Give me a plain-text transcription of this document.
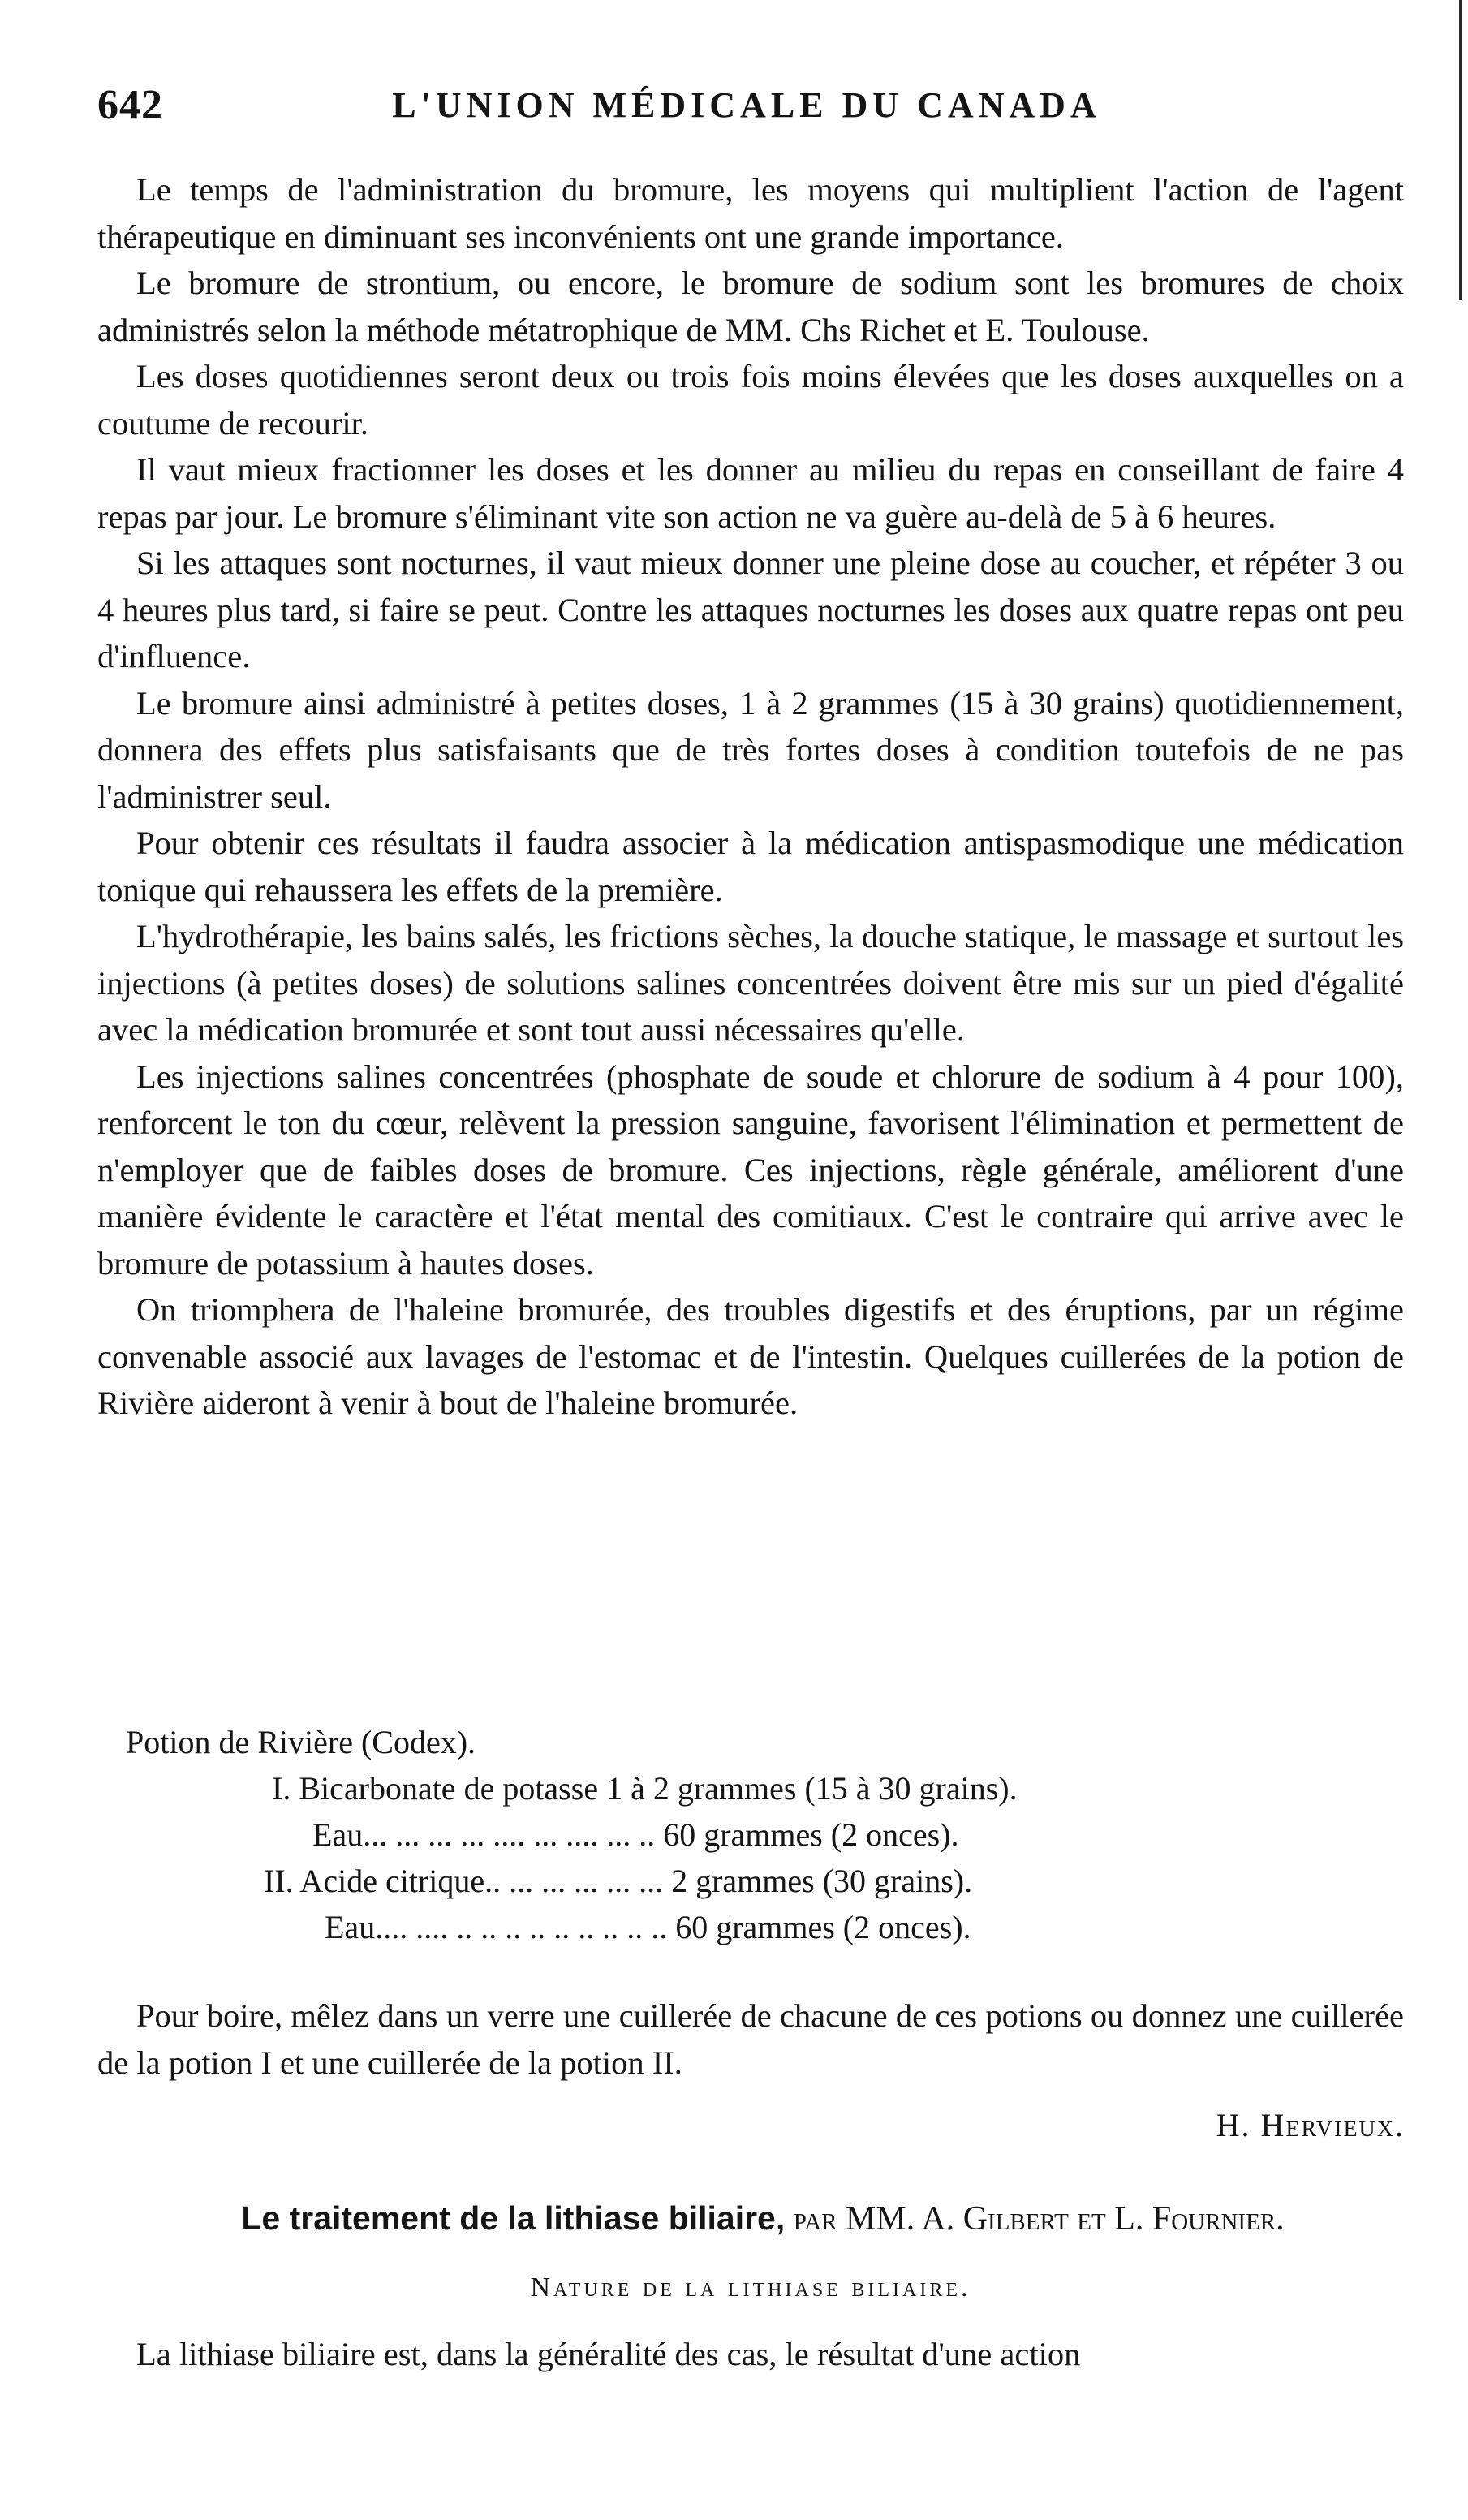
642	L'UNION MÉDICALE DU CANADA

Le temps de l'administration du bromure, les moyens qui multiplient l'action de l'agent thérapeutique en diminuant ses inconvénients ont une grande importance.

Le bromure de strontium, ou encore, le bromure de sodium sont les bromures de choix administrés selon la méthode métatrophique de MM. Chs Richet et E. Toulouse.

Les doses quotidiennes seront deux ou trois fois moins élevées que les doses auxquelles on a coutume de recourir.

Il vaut mieux fractionner les doses et les donner au milieu du repas en conseillant de faire 4 repas par jour. Le bromure s'éliminant vite son action ne va guère au-delà de 5 à 6 heures.

Si les attaques sont nocturnes, il vaut mieux donner une pleine dose au coucher, et répéter 3 ou 4 heures plus tard, si faire se peut. Contre les attaques nocturnes les doses aux quatre repas ont peu d'influence.

Le bromure ainsi administré à petites doses, 1 à 2 grammes (15 à 30 grains) quotidiennement, donnera des effets plus satisfaisants que de très fortes doses à condition toutefois de ne pas l'administrer seul.

Pour obtenir ces résultats il faudra associer à la médication antispasmodique une médication tonique qui rehaussera les effets de la première.

L'hydrothérapie, les bains salés, les frictions sèches, la douche statique, le massage et surtout les injections (à petites doses) de solutions salines concentrées doivent être mis sur un pied d'égalité avec la médication bromurée et sont tout aussi nécessaires qu'elle.

Les injections salines concentrées (phosphate de soude et chlorure de sodium à 4 pour 100), renforcent le ton du cœur, relèvent la pression sanguine, favorisent l'élimination et permettent de n'employer que de faibles doses de bromure. Ces injections, règle générale, améliorent d'une manière évidente le caractère et l'état mental des comitiaux. C'est le contraire qui arrive avec le bromure de potassium à hautes doses.

On triomphera de l'haleine bromurée, des troubles digestifs et des éruptions, par un régime convenable associé aux lavages de l'estomac et de l'intestin. Quelques cuillerées de la potion de Rivière aideront à venir à bout de l'haleine bromurée.

Potion de Rivière (Codex).
I. Bicarbonate de potasse 1 à 2 grammes (15 à 30 grains).
Eau... ... ... ... .... ... .... ... .. 60 grammes (2 onces).
II. Acide citrique.. ... ... ... ... ... 2 grammes (30 grains).
Eau.... .... .. .. .. .. .. .. .. .. .. 60 grammes (2 onces).

Pour boire, mêlez dans un verre une cuillerée de chacune de ces potions ou donnez une cuillerée de la potion I et une cuillerée de la potion II.

H. Hervieux.
Le traitement de la lithiase biliaire, par MM. A. Gilbert et L. Fournier.
Nature de la lithiase biliaire.
La lithiase biliaire est, dans la généralité des cas, le résultat d'une action
